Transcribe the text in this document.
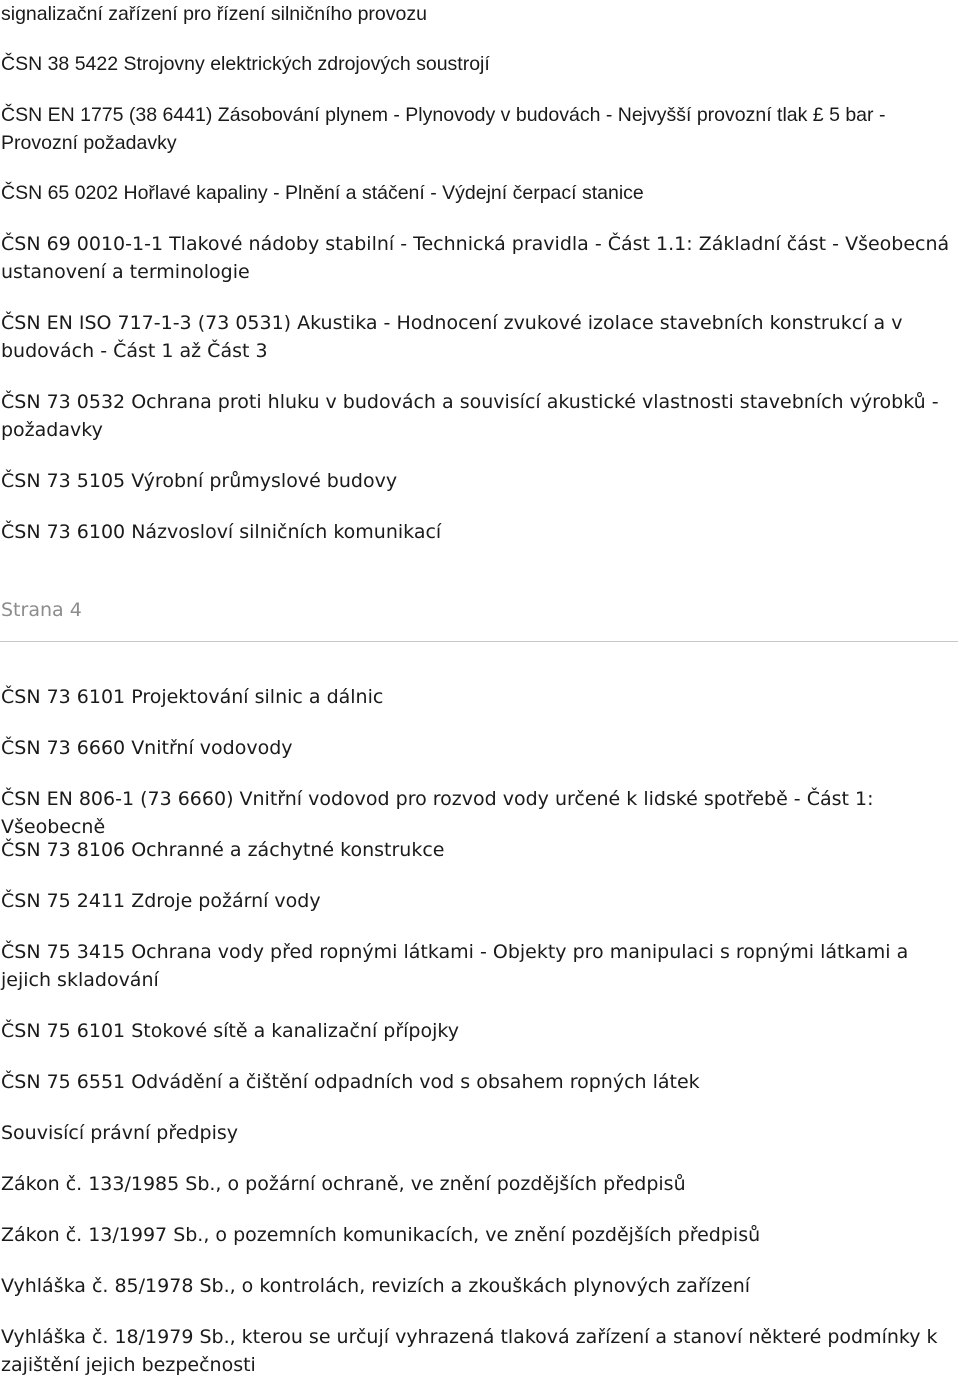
signalizační zařízení pro řízení silničního provozu

ČSN 38 5422 Strojovny elektrických zdrojových soustrojí

ČSN EN 1775 (38 6441) Zásobování plynem - Plynovody v budovách - Nejvyšší provozní tlak £ 5 bar - Provozní požadavky

ČSN 65 0202 Hořlavé kapaliny - Plnění a stáčení - Výdejní čerpací stanice

ČSN 69 0010-1-1 Tlakové nádoby stabilní - Technická pravidla - Část 1.1: Základní část - Všeobecná ustanovení a terminologie

ČSN EN ISO 717-1-3 (73 0531) Akustika - Hodnocení zvukové izolace stavebních konstrukcí a v budovách - Část 1 až Část 3

ČSN 73 0532 Ochrana proti hluku v budovách a souvisící akustické vlastnosti stavebních výrobků - požadavky

ČSN 73 5105 Výrobní průmyslové budovy

ČSN 73 6100 Názvosloví silničních komunikací

Strana 4

ČSN 73 6101 Projektování silnic a dálnic

ČSN 73 6660 Vnitřní vodovody

ČSN EN 806-1 (73 6660) Vnitřní vodovod pro rozvod vody určené k lidské spotřebě - Část 1: Všeobecně

ČSN 73 8106 Ochranné a záchytné konstrukce

ČSN 75 2411 Zdroje požární vody

ČSN 75 3415 Ochrana vody před ropnými látkami - Objekty pro manipulaci s ropnými látkami a jejich skladování

ČSN 75 6101 Stokové sítě a kanalizační přípojky

ČSN 75 6551 Odvádění a čištění odpadních vod s obsahem ropných látek

Souvisící právní předpisy

Zákon č. 133/1985 Sb., o požární ochraně, ve znění pozdějších předpisů

Zákon č. 13/1997 Sb., o pozemních komunikacích, ve znění pozdějších předpisů

Vyhláška č. 85/1978 Sb., o kontrolách, revizích a zkouškách plynových zařízení

Vyhláška č. 18/1979 Sb., kterou se určují vyhrazená tlaková zařízení a stanoví některé podmínky k zajištění jejich bezpečnosti
